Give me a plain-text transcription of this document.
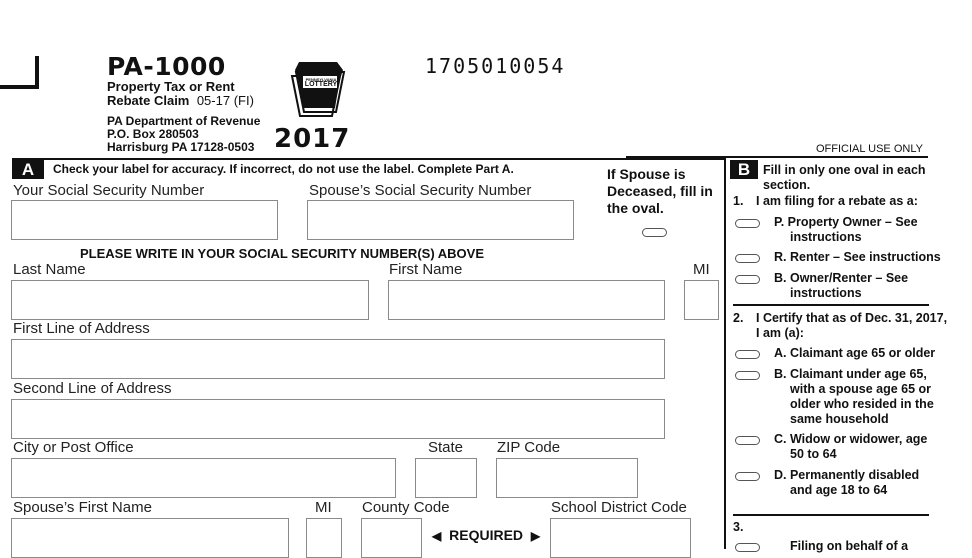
PA-1000
Property Tax or Rent
Rebate Claim 05-17 (FI)
PA Department of Revenue
P.O. Box 280503
Harrisburg PA 17128-0503
PENNSYLVANIA
LOTTERY
2017
1705010054
OFFICIAL USE ONLY
A	Check your label for accuracy. If incorrect, do not use the label. Complete Part A.
Your Social Security Number	Spouse’s Social Security Number
If Spouse is Deceased, fill in the oval.
PLEASE WRITE IN YOUR SOCIAL SECURITY NUMBER(S) ABOVE
Last Name	First Name	MI
First Line of Address
Second Line of Address
City or Post Office	State ZIP Code
Spouse’s First Name	MI County Code	School District Code
◀ REQUIRED ▶
B	Fill in only one oval in each section.
1. I am filing for a rebate as a:
P. Property Owner – See
instructions
R. Renter – See instructions
B. Owner/Renter – See
instructions
2. I Certify that as of Dec. 31, 2017,
I am (a):
A. Claimant age 65 or older
B. Claimant under age 65,
with a spouse age 65 or
older who resided in the
same household
C. Widow or widower, age
50 to 64
D. Permanently disabled
and age 18 to 64
3.
Filing on behalf of a
